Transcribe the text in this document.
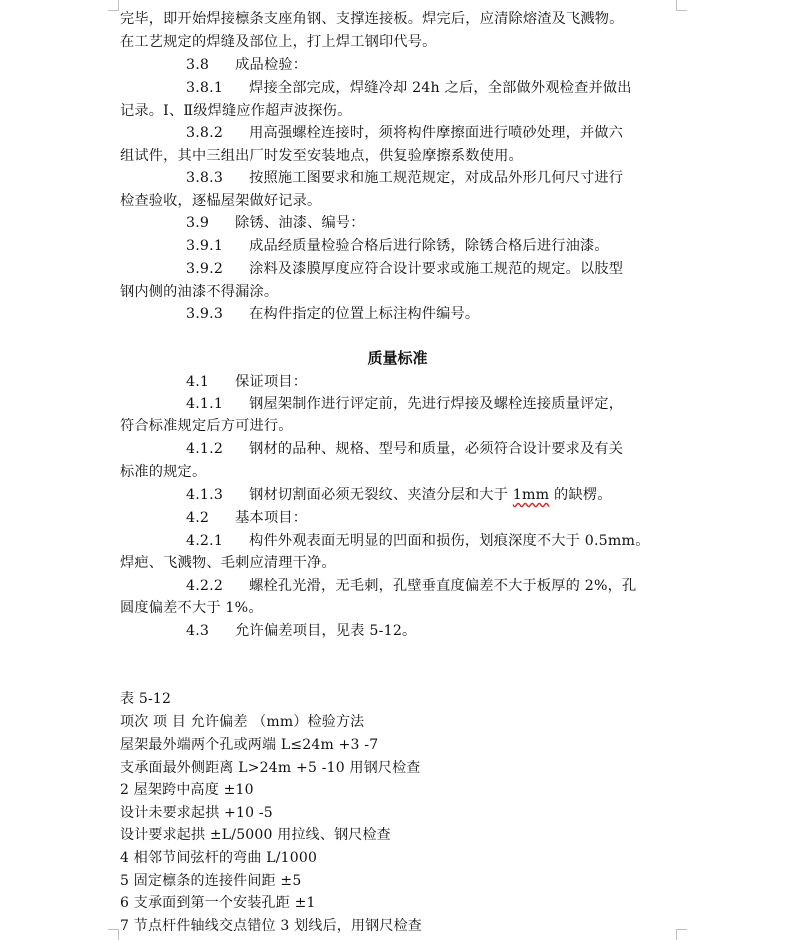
完毕，即开始焊接檩条支座角钢、支撑连接板。焊完后，应清除熔渣及飞溅物。
在工艺规定的焊缝及部位上，打上焊工钢印代号。
3.8 成品检验：
3.8.1 焊接全部完成，焊缝冷却 24h 之后，全部做外观检查并做出
记录。Ⅰ、Ⅱ级焊缝应作超声波探伤。
3.8.2 用高强螺栓连接时，须将构件摩擦面进行喷砂处理，并做六
组试件，其中三组出厂时发至安装地点，供复验摩擦系数使用。
3.8.3 按照施工图要求和施工规范规定，对成品外形几何尺寸进行
检查验收，逐榀屋架做好记录。
3.9 除锈、油漆、编号：
3.9.1 成品经质量检验合格后进行除锈，除锈合格后进行油漆。
3.9.2 涂料及漆膜厚度应符合设计要求或施工规范的规定。以肢型
钢内侧的油漆不得漏涂。
3.9.3 在构件指定的位置上标注构件编号。
质量标准
4.1 保证项目：
4.1.1 钢屋架制作进行评定前，先进行焊接及螺栓连接质量评定，
符合标准规定后方可进行。
4.1.2 钢材的品种、规格、型号和质量，必须符合设计要求及有关
标准的规定。
4.1.3 钢材切割面必须无裂纹、夹渣分层和大于 1mm 的缺楞。
4.2 基本项目：
4.2.1 构件外观表面无明显的凹面和损伤，划痕深度不大于 0.5mm。
焊疤、飞溅物、毛刺应清理干净。
4.2.2 螺栓孔光滑，无毛刺，孔壁垂直度偏差不大于板厚的 2%，孔
圆度偏差不大于 1%。
4.3 允许偏差项目，见表 5-12。
表 5-12
项次 项 目 允许偏差 （mm）检验方法
屋架最外端两个孔或两端 L≤24m +3 -7
支承面最外侧距离 L>24m +5 -10 用钢尺检查
2 屋架跨中高度 ±10
设计未要求起拱 +10 -5
设计要求起拱 ±L/5000 用拉线、钢尺检查
4 相邻节间弦杆的弯曲 L/1000
5 固定檩条的连接件间距 ±5
6 支承面到第一个安装孔距 ±1
7 节点杆件轴线交点错位 3 划线后，用钢尺检查
